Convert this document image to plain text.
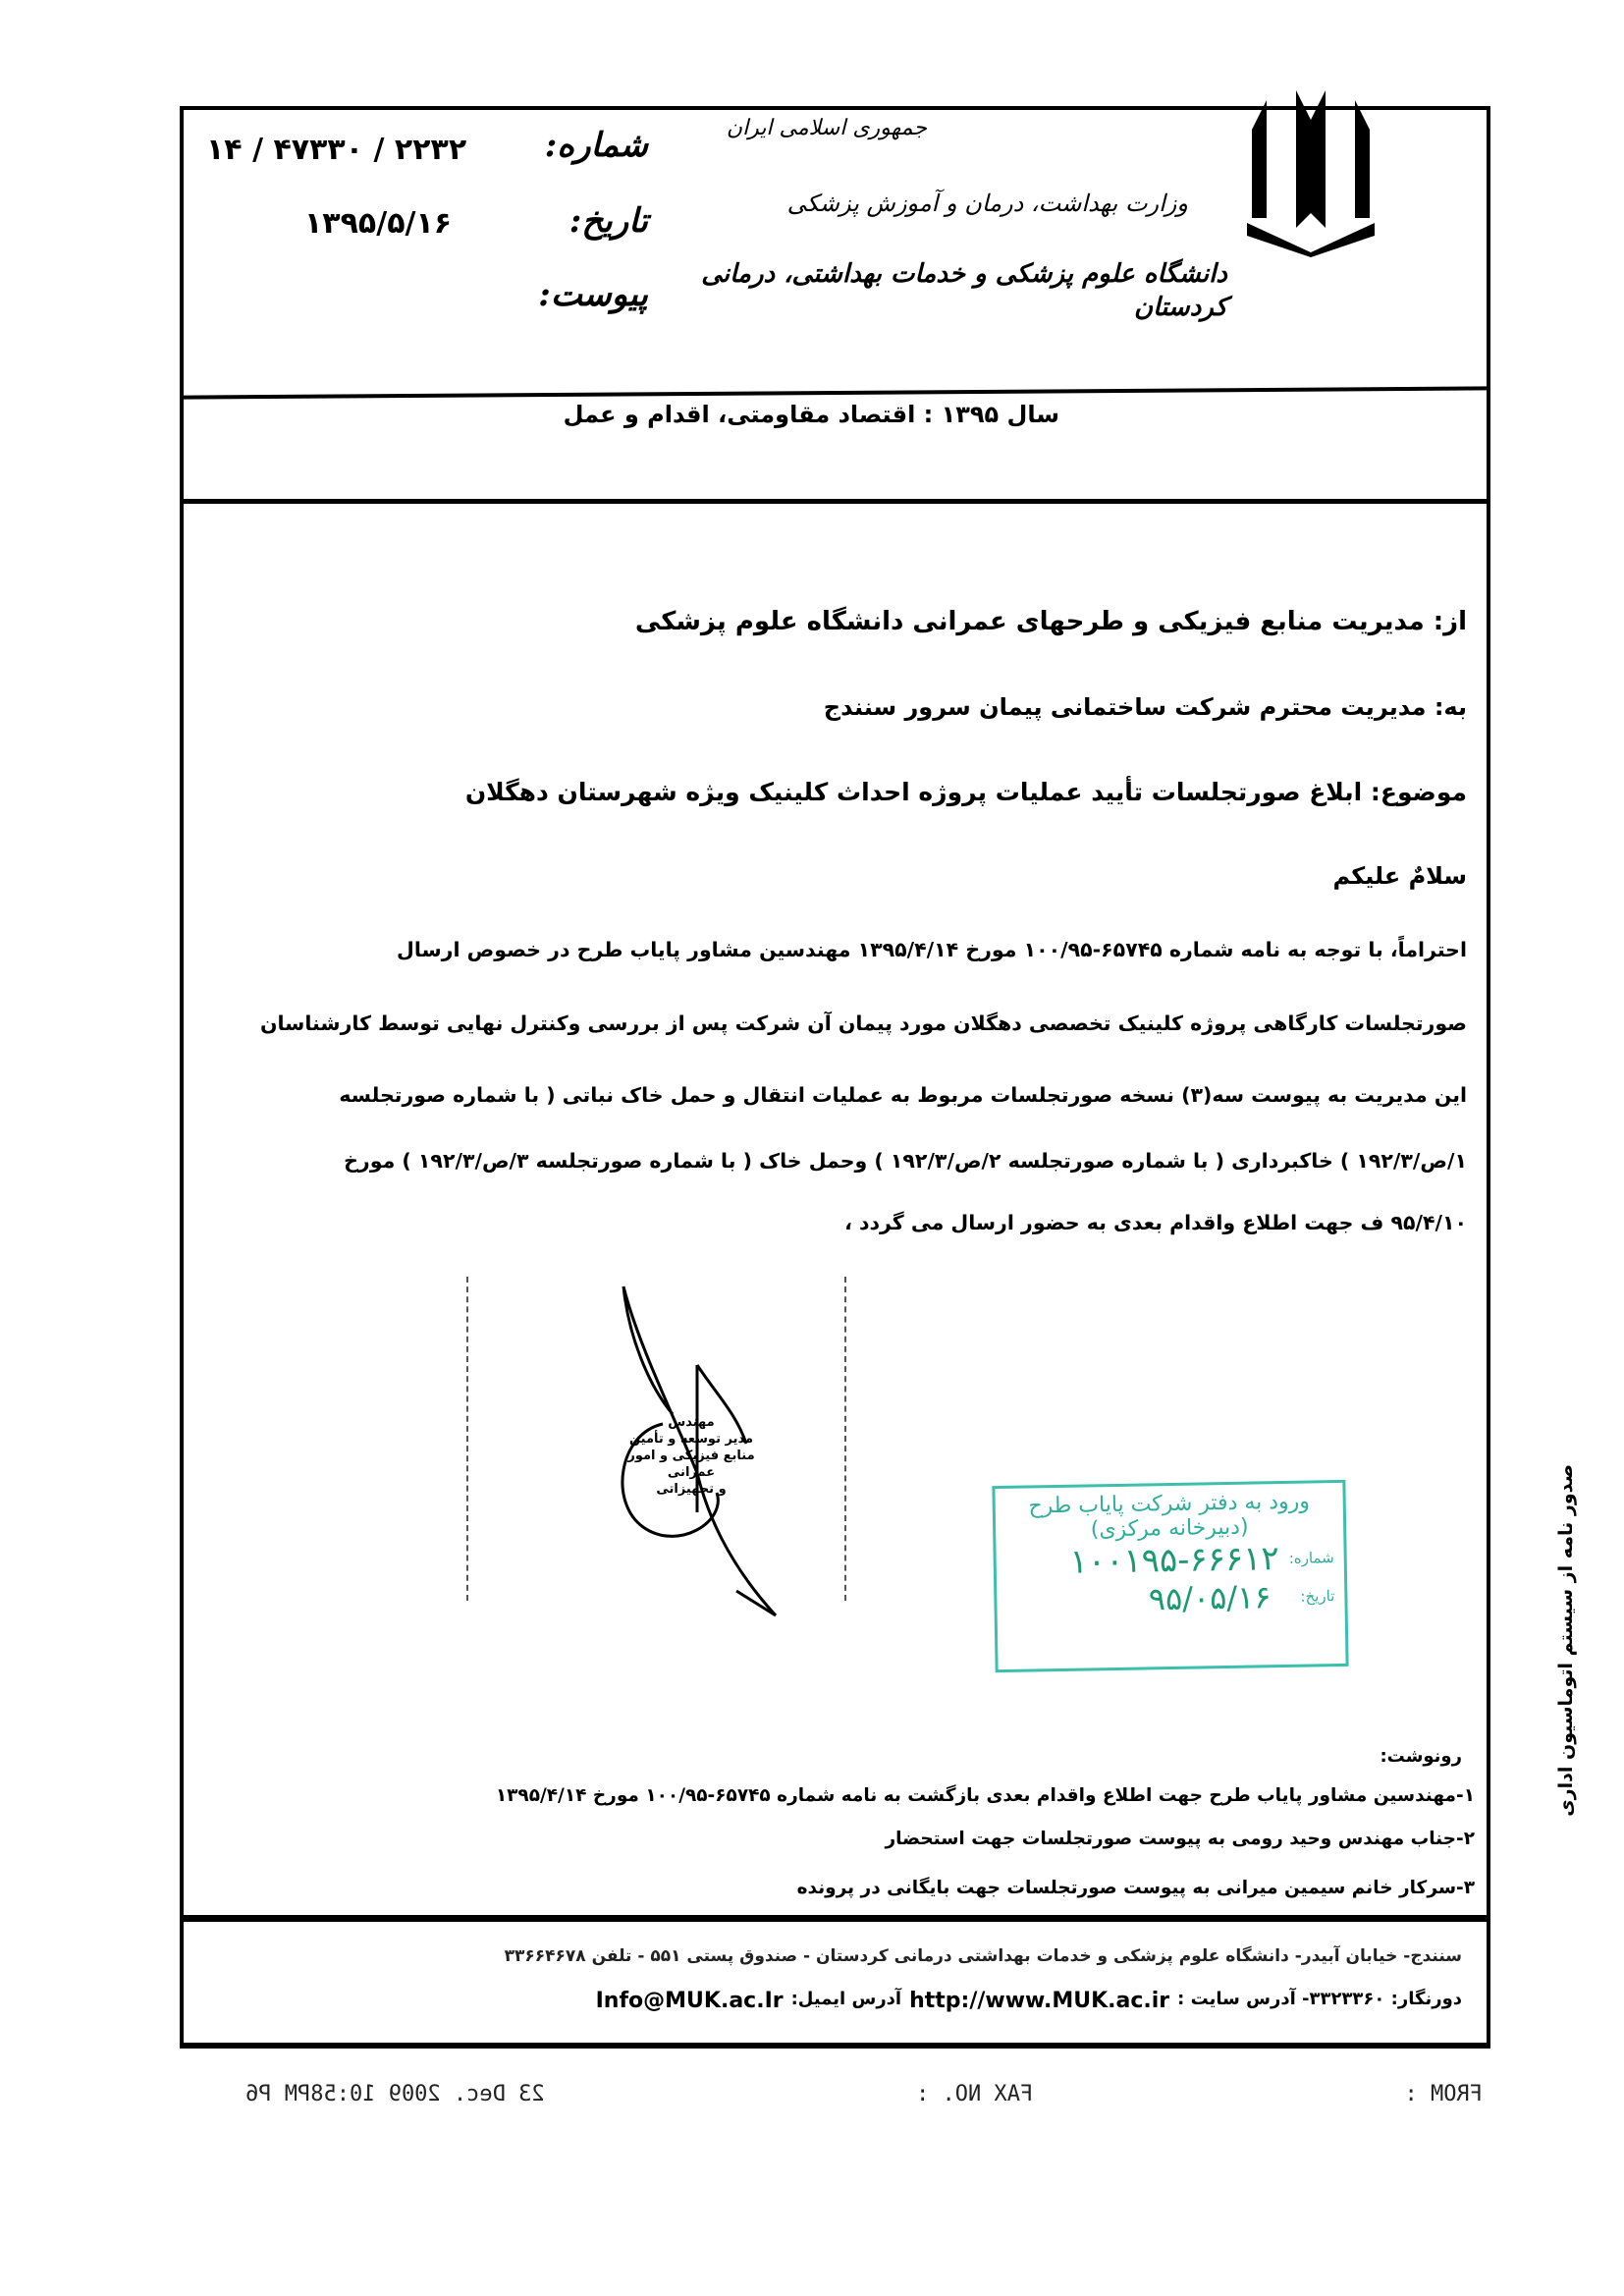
جمهوری اسلامی ایران
وزارت بهداشت، درمان و آموزش پزشکی
دانشگاه علوم پزشکی و خدمات بهداشتی، درمانی کردستان
شماره:
۲۲۳۲ / ۴۷۳۳۰ / ۱۴
تاریخ:
۱۳۹۵/۵/۱۶
پیوست:
سال ۱۳۹۵ : اقتصاد مقاومتی، اقدام و عمل
از: مدیریت منابع فیزیکی و طرحهای عمرانی دانشگاه علوم پزشکی
به: مدیریت محترم شرکت ساختمانی پیمان سرور سنندج
موضوع: ابلاغ صورتجلسات تأیید عملیات پروژه احداث کلینیک ویژه شهرستان دهگلان
سلامٌ علیکم
احتراماً، با توجه به نامه شماره ۶۵۷۴۵-۱۰۰/۹۵ مورخ ۱۳۹۵/۴/۱۴ مهندسین مشاور پایاب طرح در خصوص ارسال
صورتجلسات کارگاهی پروژه کلینیک تخصصی دهگلان مورد پیمان آن شرکت پس از بررسی وکنترل نهایی توسط کارشناسان
این مدیریت به پیوست سه(۳) نسخه صورتجلسات مربوط به عملیات انتقال و حمل خاک نباتی ( با شماره صورتجلسه
۱/ص/۱۹۲/۳ ) خاکبرداری ( با شماره صورتجلسه ۲/ص/۱۹۲/۳ ) وحمل خاک ( با شماره صورتجلسه ۳/ص/۱۹۲/۳ ) مورخ
۹۵/۴/۱۰ ف جهت اطلاع واقدام بعدی به حضور ارسال می گردد ،
مهندس
مدیر توسعه و تأمین
منابع فیزیکی و امور عمرانی
و تجهیزاتی
ورود به دفتر شرکت پایاب طرح
(دبیرخانه مرکزی)
شماره:
۱۰۰۱۹۵-۶۶۶۱۲
تاریخ:
۹۵/۰۵/۱۶	صدور نامه از سیستم اتوماسیون اداری
رونوشت:
۱-مهندسین مشاور پایاب طرح جهت اطلاع واقدام بعدی بازگشت به نامه شماره ۶۵۷۴۵-۱۰۰/۹۵ مورخ ۱۳۹۵/۴/۱۴
۲-جناب مهندس وحید رومی به پیوست صورتجلسات جهت استحضار
۳-سرکار خانم سیمین میرانی به پیوست صورتجلسات جهت بایگانی در پرونده
سنندج- خیابان آبیدر- دانشگاه علوم پزشکی و خدمات بهداشتی درمانی کردستان - صندوق پستی ۵۵۱ - تلفن ۳۳۶۶۴۶۷۸
دورنگار: ۳۳۲۳۳۶۰- آدرس سایت :
http://www.MUK.ac.ir
آدرس ایمیل:
Info@MUK.ac.Ir
FROM :
FAX NO. :
23 Dec. 2009 10:58PM P6
